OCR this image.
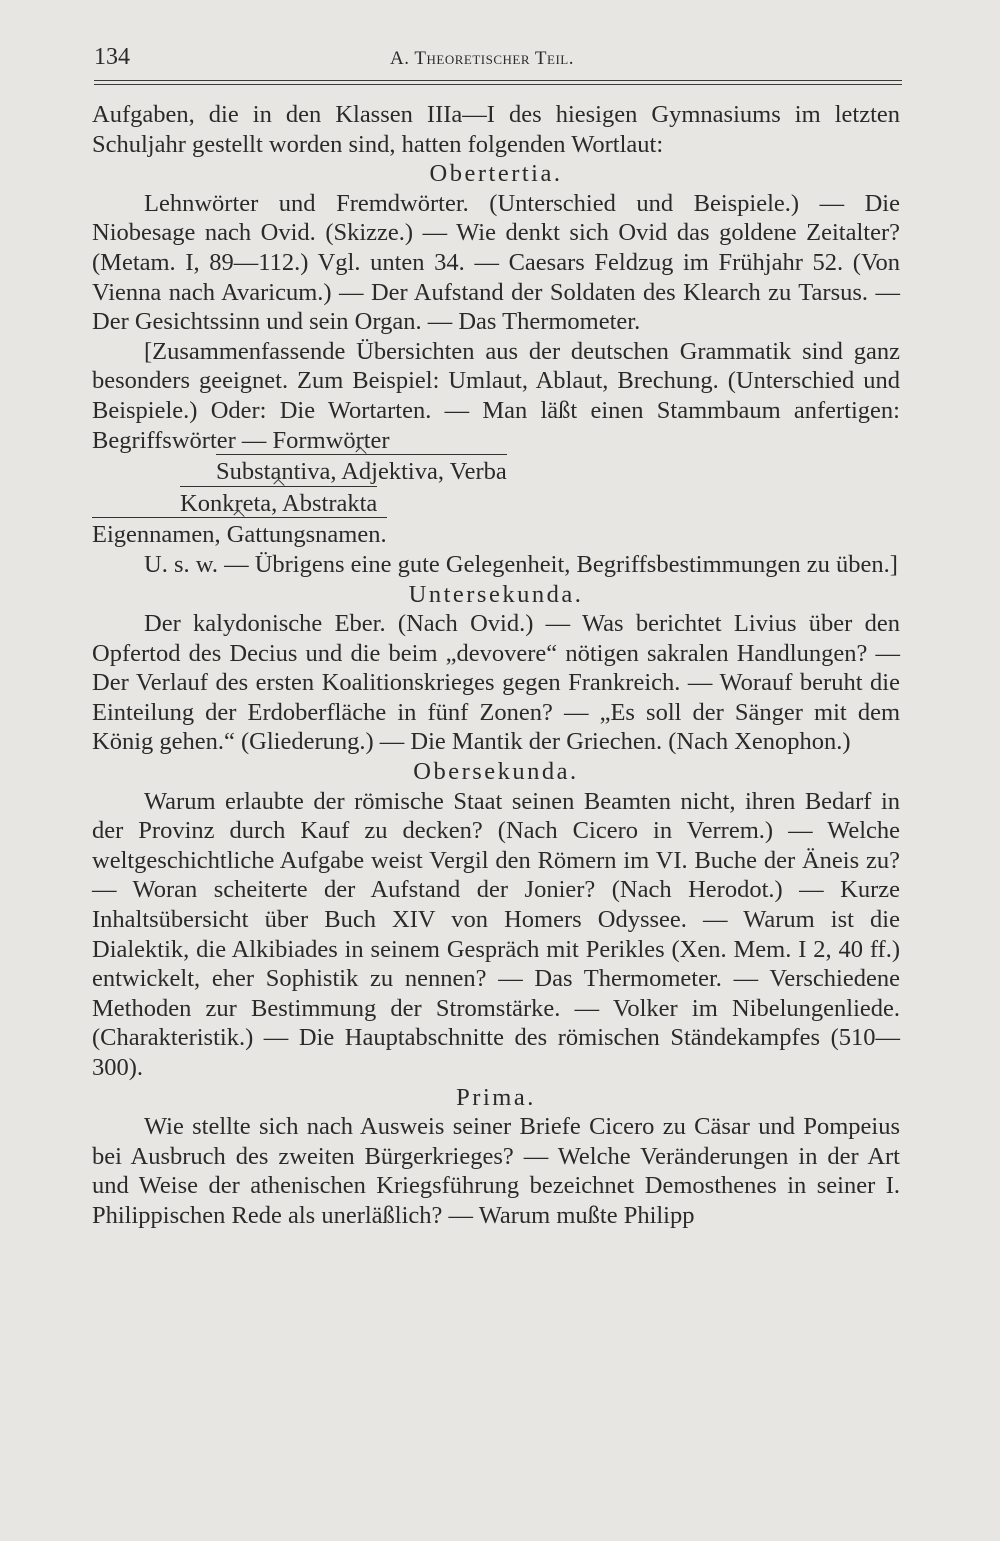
134	A. Theoretischer Teil.

Aufgaben, die in den Klassen IIIa—I des hiesigen Gymnasiums im letzten Schuljahr gestellt worden sind, hatten folgenden Wortlaut:

Obertertia.

Lehnwörter und Fremdwörter. (Unterschied und Beispiele.) — Die Niobesage nach Ovid. (Skizze.) — Wie denkt sich Ovid das goldene Zeitalter? (Metam. I, 89—112.) Vgl. unten 34. — Caesars Feldzug im Frühjahr 52. (Von Vienna nach Avaricum.) — Der Aufstand der Soldaten des Klearch zu Tarsus. — Der Gesichtssinn und sein Organ. — Das Thermometer.

[Zusammenfassende Übersichten aus der deutschen Grammatik sind ganz besonders geeignet. Zum Beispiel: Umlaut, Ablaut, Brechung. (Unterschied und Beispiele.) Oder: Die Wortarten. — Man läßt einen Stammbaum anfertigen: Begriffswörter — Formwörter

Substantiva, Adjektiva, Verba

Konkreta, Abstrakta

Eigennamen, Gattungsnamen.

U. s. w. — Übrigens eine gute Gelegenheit, Begriffsbestimmungen zu üben.]

Untersekunda.

Der kalydonische Eber. (Nach Ovid.) — Was berichtet Livius über den Opfertod des Decius und die beim „devovere“ nötigen sakralen Handlungen? — Der Verlauf des ersten Koalitionskrieges gegen Frankreich. — Worauf beruht die Einteilung der Erdoberfläche in fünf Zonen? — „Es soll der Sänger mit dem König gehen.“ (Gliederung.) — Die Mantik der Griechen. (Nach Xenophon.)

Obersekunda.

Warum erlaubte der römische Staat seinen Beamten nicht, ihren Bedarf in der Provinz durch Kauf zu decken? (Nach Cicero in Verrem.) — Welche weltgeschichtliche Aufgabe weist Vergil den Römern im VI. Buche der Äneis zu? — Woran scheiterte der Aufstand der Jonier? (Nach Herodot.) — Kurze Inhaltsübersicht über Buch XIV von Homers Odyssee. — Warum ist die Dialektik, die Alkibiades in seinem Gespräch mit Perikles (Xen. Mem. I 2, 40 ff.) entwickelt, eher Sophistik zu nennen? — Das Thermometer. — Verschiedene Methoden zur Bestimmung der Stromstärke. — Volker im Nibelungenliede. (Charakteristik.) — Die Hauptabschnitte des römischen Ständekampfes (510—300).

Prima.

Wie stellte sich nach Ausweis seiner Briefe Cicero zu Cäsar und Pompeius bei Ausbruch des zweiten Bürgerkrieges? — Welche Veränderungen in der Art und Weise der athenischen Kriegsführung bezeichnet Demosthenes in seiner I. Philippischen Rede als unerläßlich? — Warum mußte Philipp
